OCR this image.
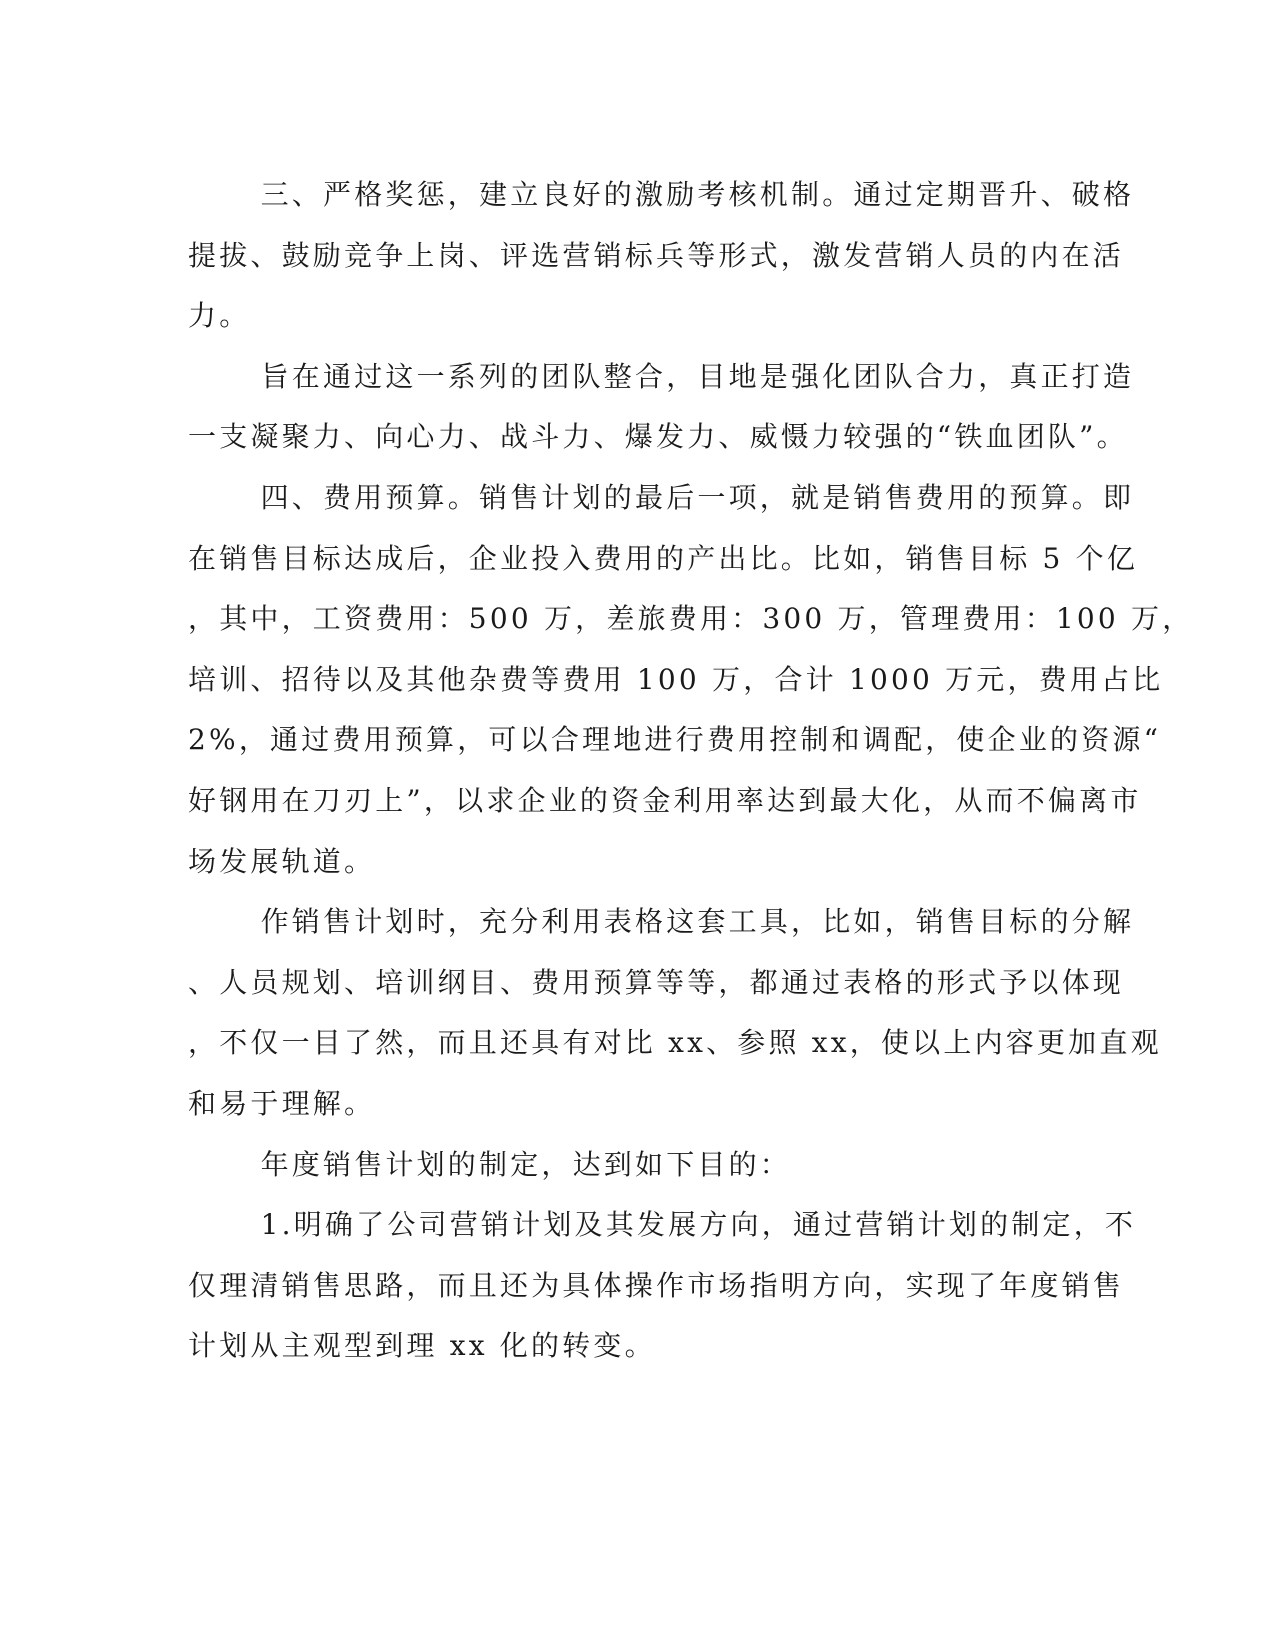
三、严格奖惩，建立良好的激励考核机制。通过定期晋升、破格
提拔、鼓励竞争上岗、评选营销标兵等形式，激发营销人员的内在活
力。
旨在通过这一系列的团队整合，目地是强化团队合力，真正打造
一支凝聚力、向心力、战斗力、爆发力、威慑力较强的“铁血团队”。
四、费用预算。销售计划的最后一项，就是销售费用的预算。即
在销售目标达成后，企业投入费用的产出比。比如，销售目标 5 个亿
，其中，工资费用：500 万，差旅费用：300 万，管理费用：100 万，
培训、招待以及其他杂费等费用 100 万，合计 1000 万元，费用占比
2%，通过费用预算，可以合理地进行费用控制和调配，使企业的资源“
好钢用在刀刃上”，以求企业的资金利用率达到最大化，从而不偏离市
场发展轨道。
作销售计划时，充分利用表格这套工具，比如，销售目标的分解
、人员规划、培训纲目、费用预算等等，都通过表格的形式予以体现
，不仅一目了然，而且还具有对比 xx、参照 xx，使以上内容更加直观
和易于理解。
年度销售计划的制定，达到如下目的：
1.明确了公司营销计划及其发展方向，通过营销计划的制定，不
仅理清销售思路，而且还为具体操作市场指明方向，实现了年度销售
计划从主观型到理 xx 化的转变。
